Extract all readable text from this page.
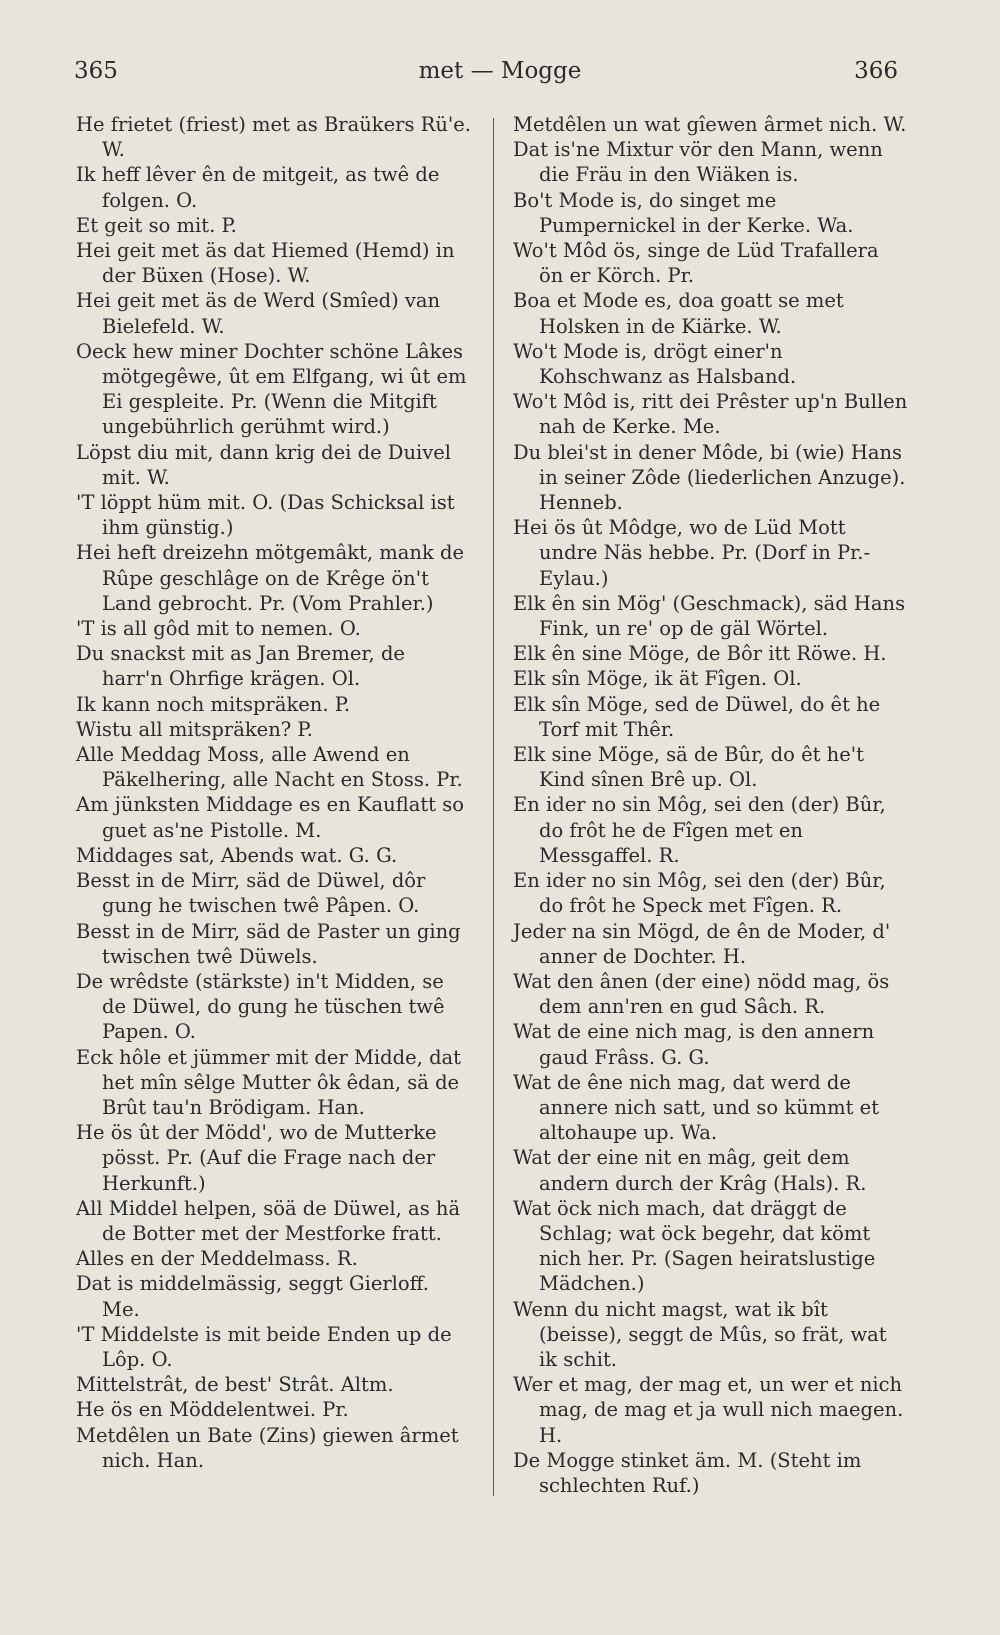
365	met — Mogge	366
He frietet (friest) met as Braükers Rü'e. W.
Ik heff lêver ên de mitgeit, as twê de folgen. O.
Et geit so mit. P.
Hei geit met äs dat Hiemed (Hemd) in der Büxen (Hose). W.
Hei geit met äs de Werd (Smîed) van Bielefeld. W.
Oeck hew miner Dochter schöne Lâkes mötgegêwe, ût em Elfgang, wi ût em Ei gespleite. Pr. (Wenn die Mitgift ungebührlich gerühmt wird.)
Löpst diu mit, dann krig dei de Duivel mit. W.
'T löppt hüm mit. O. (Das Schicksal ist ihm günstig.)
Hei heft dreizehn mötgemâkt, mank de Rûpe geschlâge on de Krêge ön't Land gebrocht. Pr. (Vom Prahler.)
'T is all gôd mit to nemen. O.
Du snackst mit as Jan Bremer, de harr'n Ohrfige krägen. Ol.
Ik kann noch mitspräken. P.
Wistu all mitspräken? P.
Alle Meddag Moss, alle Awend en Päkelhering, alle Nacht en Stoss. Pr.
Am jünksten Middage es en Kauflatt so guet as'ne Pistolle. M.
Middages sat, Abends wat. G. G.
Besst in de Mirr, säd de Düwel, dôr gung he twischen twê Pâpen. O.
Besst in de Mirr, säd de Paster un ging twischen twê Düwels.
De wrêdste (stärkste) in't Midden, se de Düwel, do gung he tüschen twê Papen. O.
Eck hôle et jümmer mit der Midde, dat het mîn sêlge Mutter ôk êdan, sä de Brût tau'n Brödigam. Han.
He ös ût der Mödd', wo de Mutterke pösst. Pr. (Auf die Frage nach der Herkunft.)
All Middel helpen, söä de Düwel, as hä de Botter met der Mestforke fratt.
Alles en der Meddelmass. R.
Dat is middelmässig, seggt Gierloff. Me.
'T Middelste is mit beide Enden up de Lôp. O.
Mittelstrât, de best' Strât. Altm.
He ös en Möddelentwei. Pr.
Metdêlen un Bate (Zins) giewen ârmet nich. Han.
Metdêlen un wat gîewen ârmet nich. W.
Dat is'ne Mixtur vör den Mann, wenn die Fräu in den Wiäken is.
Bo't Mode is, do singet me Pumpernickel in der Kerke. Wa.
Wo't Môd ös, singe de Lüd Trafallera ön er Körch. Pr.
Boa et Mode es, doa goatt se met Holsken in de Kiärke. W.
Wo't Mode is, drögt einer'n Kohschwanz as Halsband.
Wo't Môd is, ritt dei Prêster up'n Bullen nah de Kerke. Me.
Du blei'st in dener Môde, bi (wie) Hans in seiner Zôde (liederlichen Anzuge). Henneb.
Hei ös ût Môdge, wo de Lüd Mott undre Näs hebbe. Pr. (Dorf in Pr.-Eylau.)
Elk ên sin Mög' (Geschmack), säd Hans Fink, un re' op de gäl Wörtel.
Elk ên sine Möge, de Bôr itt Röwe. H.
Elk sîn Möge, ik ät Fîgen. Ol.
Elk sîn Möge, sed de Düwel, do êt he Torf mit Thêr.
Elk sine Möge, sä de Bûr, do êt he't Kind sînen Brê up. Ol.
En ider no sin Môg, sei den (der) Bûr, do frôt he de Fîgen met en Messgaffel. R.
En ider no sin Môg, sei den (der) Bûr, do frôt he Speck met Fîgen. R.
Jeder na sin Mögd, de ên de Moder, d' anner de Dochter. H.
Wat den ânen (der eine) nödd mag, ös dem ann'ren en gud Sâch. R.
Wat de eine nich mag, is den annern gaud Frâss. G. G.
Wat de êne nich mag, dat werd de annere nich satt, und so kümmt et altohaupe up. Wa.
Wat der eine nit en mâg, geit dem andern durch der Krâg (Hals). R.
Wat öck nich mach, dat dräggt de Schlag; wat öck begehr, dat kömt nich her. Pr. (Sagen heiratslustige Mädchen.)
Wenn du nicht magst, wat ik bît (beisse), seggt de Mûs, so frät, wat ik schit.
Wer et mag, der mag et, un wer et nich mag, de mag et ja wull nich maegen. H.
De Mogge stinket äm. M. (Steht im schlechten Ruf.)
